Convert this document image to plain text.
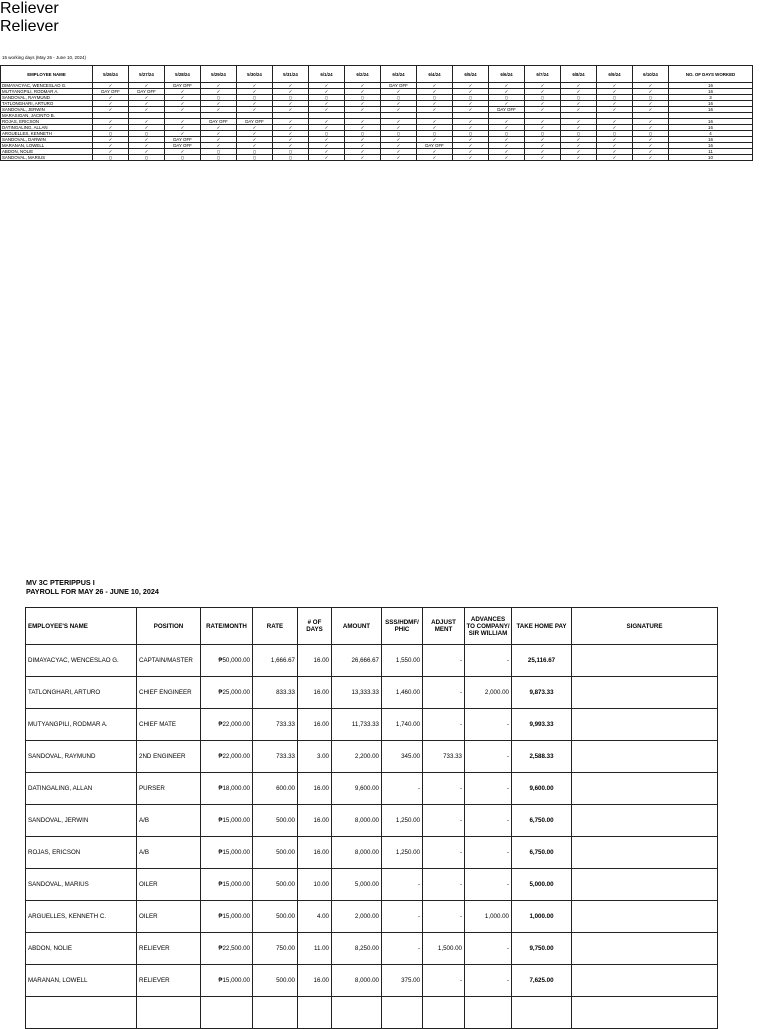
15 working days (May 26 - June 10, 2024)
EMPLOYEE NAME	5/26/24	5/27/24	5/28/24	5/29/24	5/30/24	5/31/24	6/1/24	6/2/24	6/3/24	6/4/24	6/5/24	6/6/24	6/7/24	6/8/24	6/9/24	6/10/24	NO. OF DAYS WORKED
DIMAYACYAC, WENCESLAO G.	✓	✓	DAY OFF	✓	✓	✓	✓	✓	DAY OFF	✓	✓	✓	✓	✓	✓	✓	16
MUTYANGPILI, RODMAR A.	DAY OFF	DAY OFF	✓	✓	✓	✓	✓	✓	✓	✓	✓	✓	✓	✓	✓	✓	16
SANDOVAL, RAYMUND	✓	✓	✓	▯	▯	▯	▯	▯	▯	▯	▯	▯	▯	▯	▯	▯	3
TATLONGHARI, ARTURO	✓	✓	✓	✓	✓	✓	✓	✓	✓	✓	✓	✓	✓	✓	✓	✓	16
SANDOVAL, JERWIN	✓	✓	✓	✓	✓	✓	✓	✓	✓	✓	✓	DAY OFF	✓	✓	✓	✓	16
MARASIGAN, JACINTO B.																	
ROJAS, ERICSON	✓	✓	✓	DAY OFF	DAY OFF	✓	✓	✓	✓	✓	✓	✓	✓	✓	✓	✓	16
DATINGALING, ALLAN	✓	✓	✓	✓	✓	✓	✓	✓	✓	✓	✓	✓	✓	✓	✓	✓	16
ARGUELLES, KENNETH	▯	▯	✓	✓	✓	✓	▯	▯	▯	▯	▯	▯	▯	▯	▯	▯	4
SANDOVAL, DARWIN	✓	✓	DAY OFF	✓	✓	✓	✓	✓	✓	✓	✓	✓	✓	✓	✓	✓	16
MARANAN, LOWELL	✓	✓	DAY OFF	✓	✓	✓	✓	✓	✓	DAY OFF	✓	✓	✓	✓	✓	✓	16
ABDON, NOLIE	✓	✓	✓	▯	▯	▯	✓	✓	✓	✓	✓	✓	✓	✓	✓	✓	11
SANDOVAL, MARIUS	▯	▯	▯	▯	▯	▯	✓	✓	✓	✓	✓	✓	✓	✓	✓	✓	10
MV 3C PTERIPPUS I
PAYROLL FOR MAY 26 - JUNE 10, 2024
EMPLOYEE'S NAME	POSITION	RATE/MONTH	RATE	# OF DAYS	AMOUNT	SSS/HDMF/ PHIC	ADJUST MENT	ADVANCES TO COMPANY/ SIR WILLIAM	TAKE HOME PAY	SIGNATURE
DIMAYACYAC, WENCESLAO G.	CAPTAIN/MASTER	₱50,000.00	1,666.67	16.00	26,666.67	1,550.00	-	-	25,116.67	
TATLONGHARI, ARTURO	CHIEF ENGINEER	₱25,000.00	833.33	16.00	13,333.33	1,460.00	-	2,000.00	9,873.33	
MUTYANGPILI, RODMAR A.	CHIEF MATE	₱22,000.00	733.33	16.00	11,733.33	1,740.00	-	-	9,993.33	
SANDOVAL, RAYMUND	2ND ENGINEER	₱22,000.00	733.33	3.00	2,200.00	345.00	733.33	-	2,588.33	
DATINGALING, ALLAN	PURSER	₱18,000.00	600.00	16.00	9,600.00	-	-	-	9,600.00	
SANDOVAL, JERWIN	A/B	₱15,000.00	500.00	16.00	8,000.00	1,250.00	-	-	6,750.00	
ROJAS, ERICSON	A/B	₱15,000.00	500.00	16.00	8,000.00	1,250.00	-	-	6,750.00	
SANDOVAL, MARIUS	OILER	₱15,000.00	500.00	10.00	5,000.00	-	-	-	5,000.00	
ARGUELLES, KENNETH C.	OILER	₱15,000.00	500.00	4.00	2,000.00	-	-	1,000.00	1,000.00	
ABDON, NOLIE	RELIEVER	₱22,500.00	750.00	11.00	8,250.00	-	1,500.00	-	9,750.00	
MARANAN, LOWELL	RELIEVER	₱15,000.00	500.00	16.00	8,000.00	375.00	-	-	7,625.00	

Reliever
Reliever
